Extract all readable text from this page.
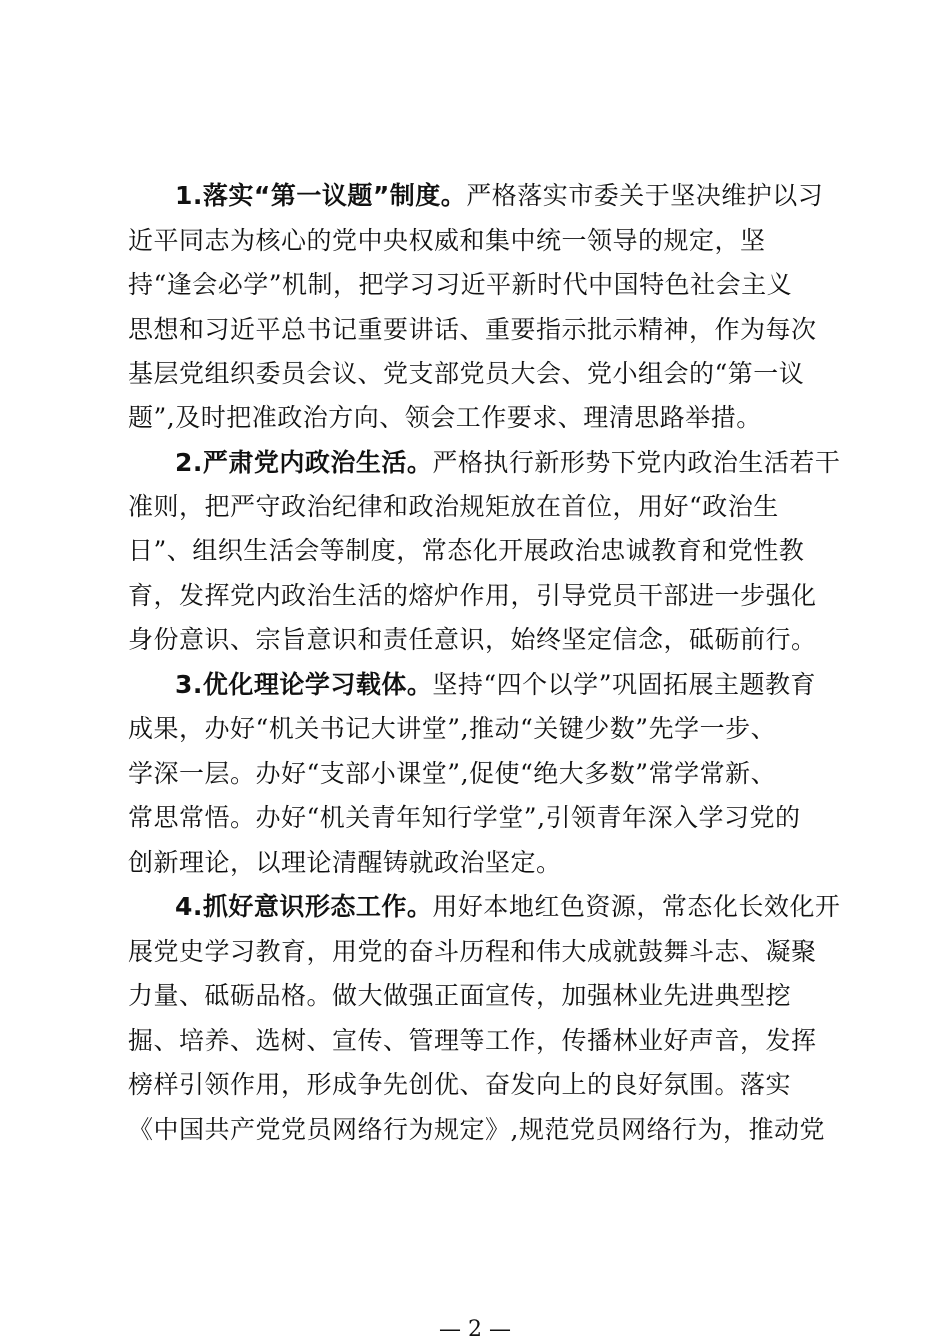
1.落实“第一议题”制度。严格落实市委关于坚决维护以习
近平同志为核心的党中央权威和集中统一领导的规定，坚
持“逢会必学”机制，把学习习近平新时代中国特色社会主义
思想和习近平总书记重要讲话、重要指示批示精神，作为每次
基层党组织委员会议、党支部党员大会、党小组会的“第一议
题”,及时把准政治方向、领会工作要求、理清思路举措。
2.严肃党内政治生活。严格执行新形势下党内政治生活若干
准则，把严守政治纪律和政治规矩放在首位，用好“政治生
日”、组织生活会等制度，常态化开展政治忠诚教育和党性教
育，发挥党内政治生活的熔炉作用，引导党员干部进一步强化
身份意识、宗旨意识和责任意识，始终坚定信念，砥砺前行。
3.优化理论学习载体。坚持“四个以学”巩固拓展主题教育
成果，办好“机关书记大讲堂”,推动“关键少数”先学一步、
学深一层。办好“支部小课堂”,促使“绝大多数”常学常新、
常思常悟。办好“机关青年知行学堂”,引领青年深入学习党的
创新理论，以理论清醒铸就政治坚定。
4.抓好意识形态工作。用好本地红色资源，常态化长效化开
展党史学习教育，用党的奋斗历程和伟大成就鼓舞斗志、凝聚
力量、砥砺品格。做大做强正面宣传，加强林业先进典型挖
掘、培养、选树、宣传、管理等工作，传播林业好声音，发挥
榜样引领作用，形成争先创优、奋发向上的良好氛围。落实
《中国共产党党员网络行为规定》,规范党员网络行为，推动党
— 2 —
